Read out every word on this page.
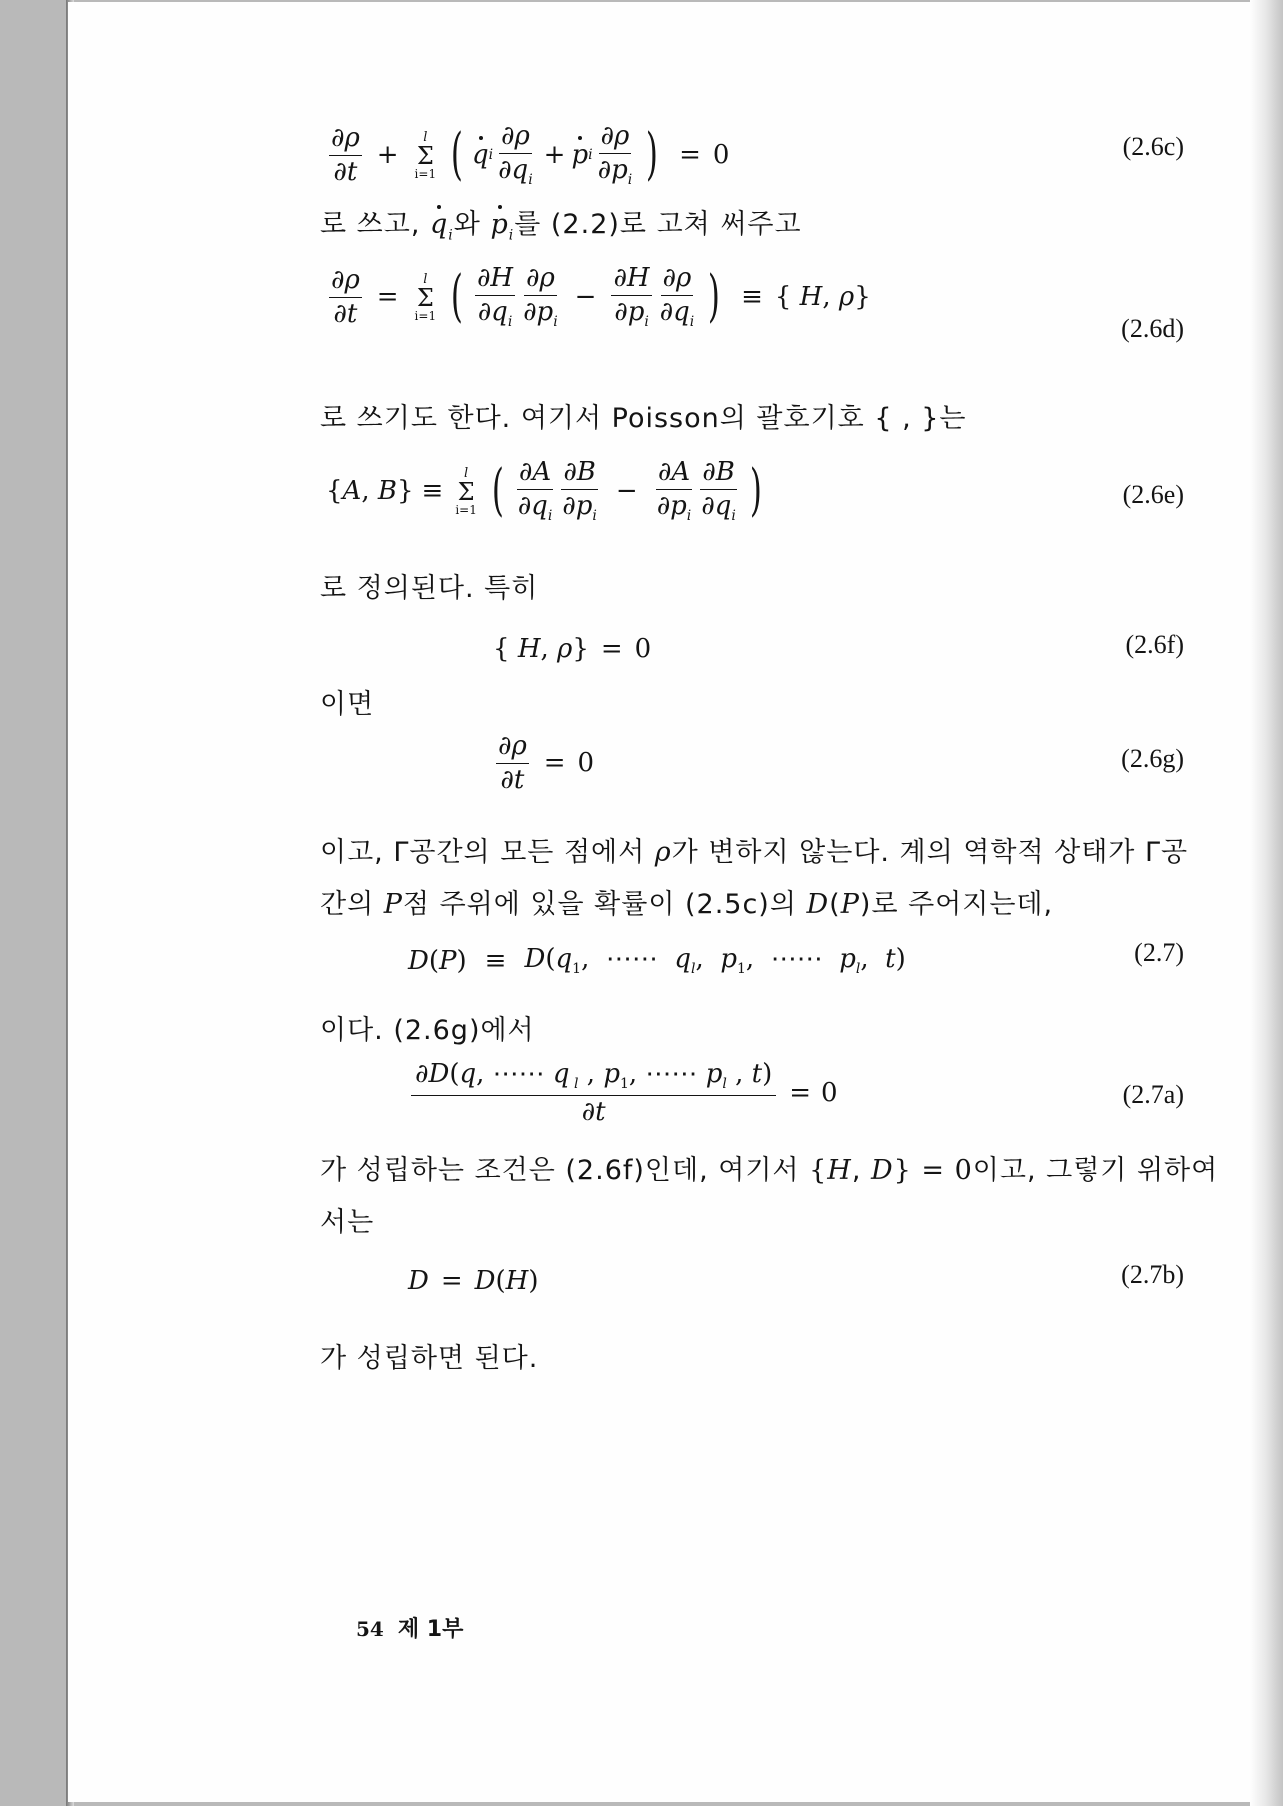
$\frac{\partial\rho}{\partial t}$ +
l
Σ
i=1 ( q i $\frac{\partial\rho}{\partial q_i} + p$ i $\frac{\partial\rho}{\partial p_i}$ ) = 0	(2.6c)
로 쓰고, $q_i$와 $p_i$를 (2.2)로 고쳐 써주고
$\frac{\partial\rho}{\partial t}$ =
l
Σ
i=1 ( $\frac{\partial H}{\partial q_i} \frac{\partial\rho}{\partial p_i} - \frac{\partial H}{\partial p_i} \frac{\partial\rho}{\partial q_i}$ ) ≡ { H, ρ}
(2.6d)
로 쓰기도 한다. 여기서 Poisson의 괄호기호 { , }는
{A, B} ≡
l
Σ
i=1 ( $\frac{\partial A}{\partial q_i} \frac{\partial B}{\partial p_i} - \frac{\partial A}{\partial p_i} \frac{\partial B}{\partial q_i}$ )	(2.6e)
로 정의된다. 특히
{ H, ρ} = 0	(2.6f)
이면
$\frac{\partial\rho}{\partial t} = 0$	(2.6g)
이고, Γ공간의 모든 점에서 ρ가 변하지 않는다. 계의 역학적 상태가 Γ공
간의 P점 주위에 있을 확률이 (2.5c)의 D(P)로 주어지는데,
$D(P) \equiv D(q_1$,  ⋯⋯  $q_l$,  $p_1$,  ⋯⋯  $p_l$,  t)	(2.7)
이다. (2.6g)에서
$\frac{\partial D(q, \cdots\cdots q _l , p_1, \cdots\cdots p_l , t)}{\partial t} = 0$	(2.7a)
가 성립하는 조건은 (2.6f)인데, 여기서 {H, D} = 0이고, 그렇기 위하여
서는
D = D(H)	(2.7b)
가 성립하면 된다.
54 제 1부
